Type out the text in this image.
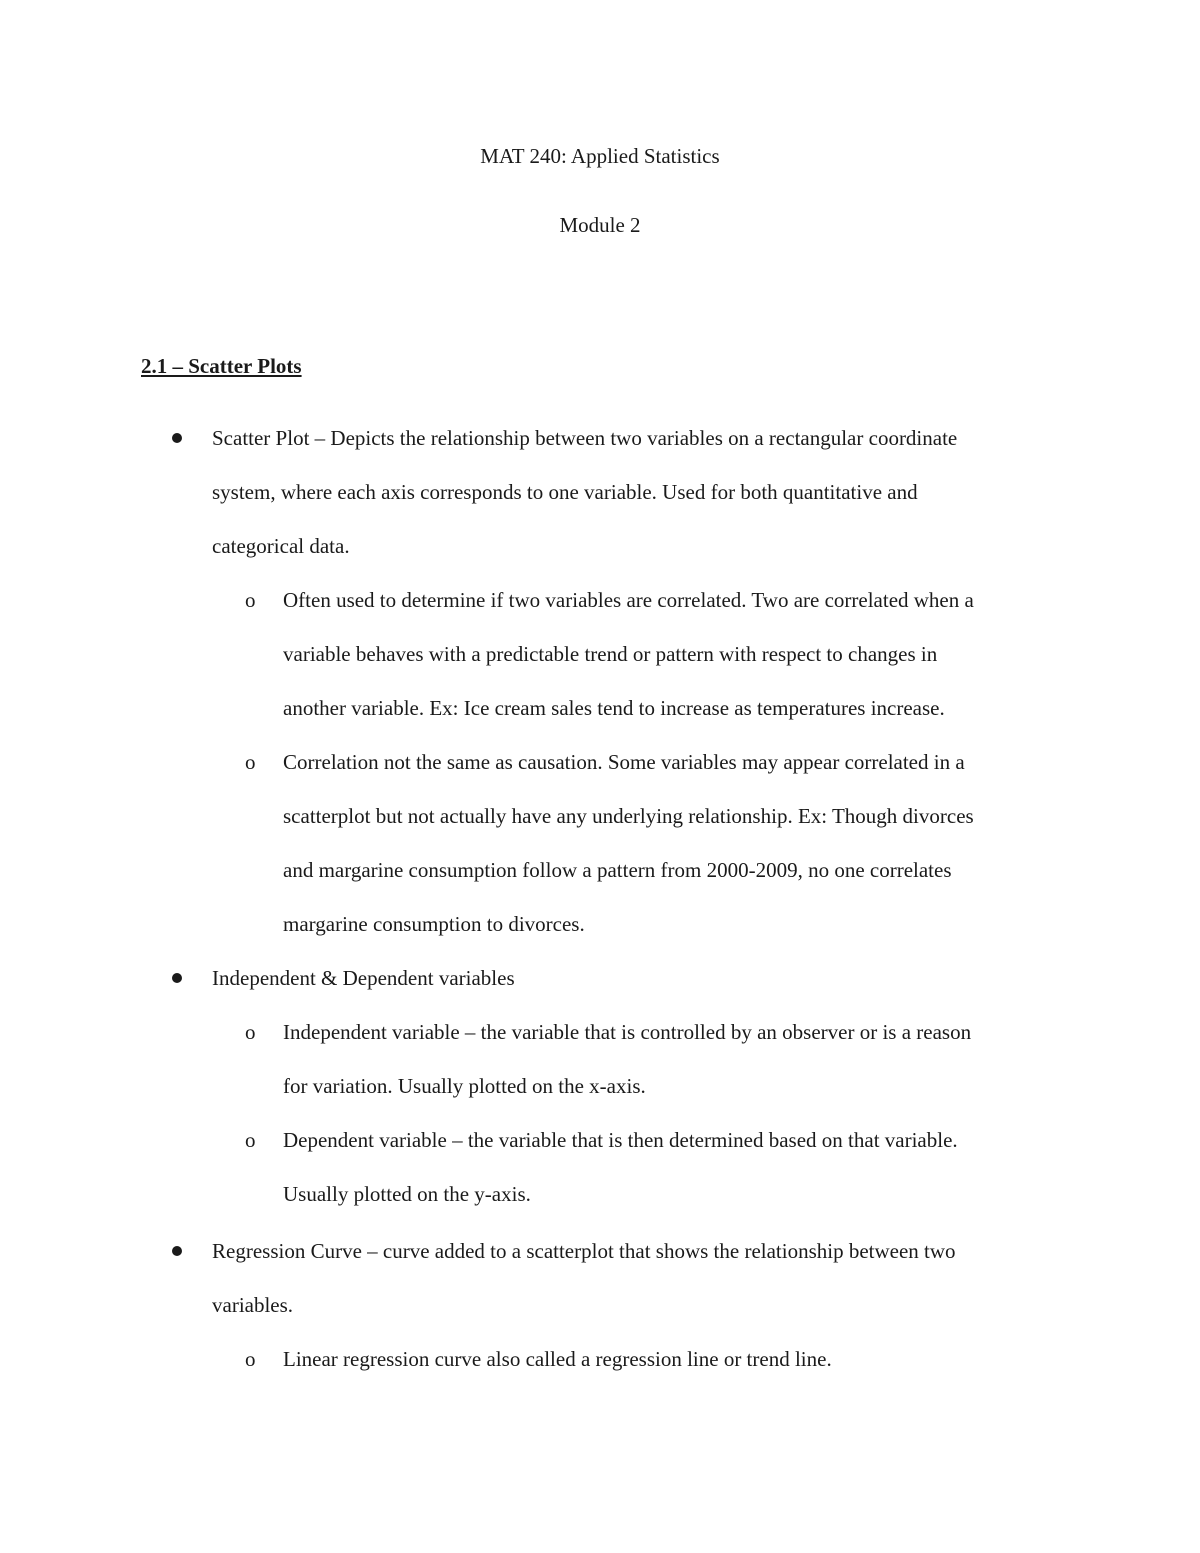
MAT 240: Applied Statistics
Module 2
2.1 – Scatter Plots
Scatter Plot – Depicts the relationship between two variables on a rectangular coordinate
system, where each axis corresponds to one variable. Used for both quantitative and
categorical data.
o Often used to determine if two variables are correlated. Two are correlated when a
variable behaves with a predictable trend or pattern with respect to changes in
another variable. Ex: Ice cream sales tend to increase as temperatures increase.
o Correlation not the same as causation. Some variables may appear correlated in a
scatterplot but not actually have any underlying relationship. Ex: Though divorces
and margarine consumption follow a pattern from 2000-2009, no one correlates
margarine consumption to divorces.
Independent & Dependent variables
o Independent variable – the variable that is controlled by an observer or is a reason
for variation. Usually plotted on the x-axis.
o Dependent variable – the variable that is then determined based on that variable.
Usually plotted on the y-axis.
Regression Curve – curve added to a scatterplot that shows the relationship between two
variables.
o Linear regression curve also called a regression line or trend line.
